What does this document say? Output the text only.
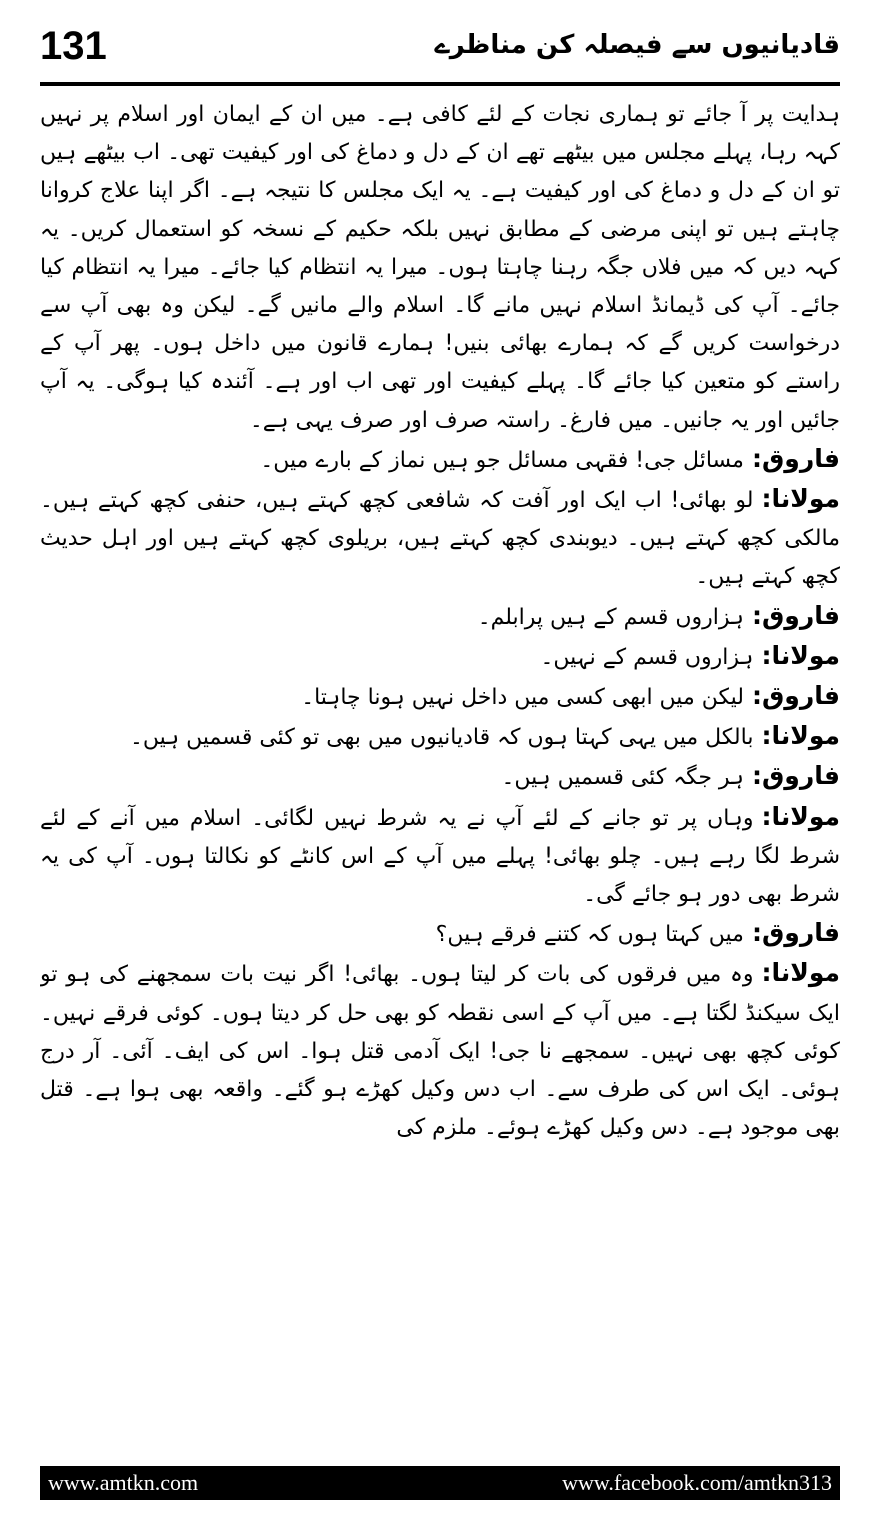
131	قادیانیوں سے فیصلہ کن مناظرے

ہدایت پر آ جائے تو ہماری نجات کے لئے کافی ہے۔ میں ان کے ایمان اور اسلام پر نہیں کہہ رہا، پہلے مجلس میں بیٹھے تھے ان کے دل و دماغ کی اور کیفیت تھی۔ اب بیٹھے ہیں تو ان کے دل و دماغ کی اور کیفیت ہے۔ یہ ایک مجلس کا نتیجہ ہے۔ اگر اپنا علاج کروانا چاہتے ہیں تو اپنی مرضی کے مطابق نہیں بلکہ حکیم کے نسخہ کو استعمال کریں۔ یہ کہہ دیں کہ میں فلاں جگہ رہنا چاہتا ہوں۔ میرا یہ انتظام کیا جائے۔ میرا یہ انتظام کیا جائے۔ آپ کی ڈیمانڈ اسلام نہیں مانے گا۔ اسلام والے مانیں گے۔ لیکن وہ بھی آپ سے درخواست کریں گے کہ ہمارے بھائی بنیں! ہمارے قانون میں داخل ہوں۔ پھر آپ کے راستے کو متعین کیا جائے گا۔ پہلے کیفیت اور تھی اب اور ہے۔ آئندہ کیا ہوگی۔ یہ آپ جائیں اور یہ جانیں۔ میں فارغ۔ راستہ صرف اور صرف یہی ہے۔

فاروق:مسائل جی! فقہی مسائل جو ہیں نماز کے بارے میں۔

مولانا:لو بھائی! اب ایک اور آفت کہ شافعی کچھ کہتے ہیں، حنفی کچھ کہتے ہیں۔ مالکی کچھ کہتے ہیں۔ دیوبندی کچھ کہتے ہیں، بریلوی کچھ کہتے ہیں اور اہل حدیث کچھ کہتے ہیں۔

فاروق:ہزاروں قسم کے ہیں پرابلم۔

مولانا:ہزاروں قسم کے نہیں۔

فاروق:لیکن میں ابھی کسی میں داخل نہیں ہونا چاہتا۔

مولانا:بالکل میں یہی کہتا ہوں کہ قادیانیوں میں بھی تو کئی قسمیں ہیں۔

فاروق:ہر جگہ کئی قسمیں ہیں۔

مولانا:وہاں پر تو جانے کے لئے آپ نے یہ شرط نہیں لگائی۔ اسلام میں آنے کے لئے شرط لگا رہے ہیں۔ چلو بھائی! پہلے میں آپ کے اس کانٹے کو نکالتا ہوں۔ آپ کی یہ شرط بھی دور ہو جائے گی۔

فاروق:میں کہتا ہوں کہ کتنے فرقے ہیں؟

مولانا:وہ میں فرقوں کی بات کر لیتا ہوں۔ بھائی! اگر نیت بات سمجھنے کی ہو تو ایک سیکنڈ لگتا ہے۔ میں آپ کے اسی نقطہ کو بھی حل کر دیتا ہوں۔ کوئی فرقے نہیں۔ کوئی کچھ بھی نہیں۔ سمجھے نا جی! ایک آدمی قتل ہوا۔ اس کی ایف۔ آئی۔ آر درج ہوئی۔ ایک اس کی طرف سے۔ اب دس وکیل کھڑے ہو گئے۔ واقعہ بھی ہوا ہے۔ قتل بھی موجود ہے۔ دس وکیل کھڑے ہوئے۔ ملزم کی

www.amtkn.com	www.facebook.com/amtkn313
